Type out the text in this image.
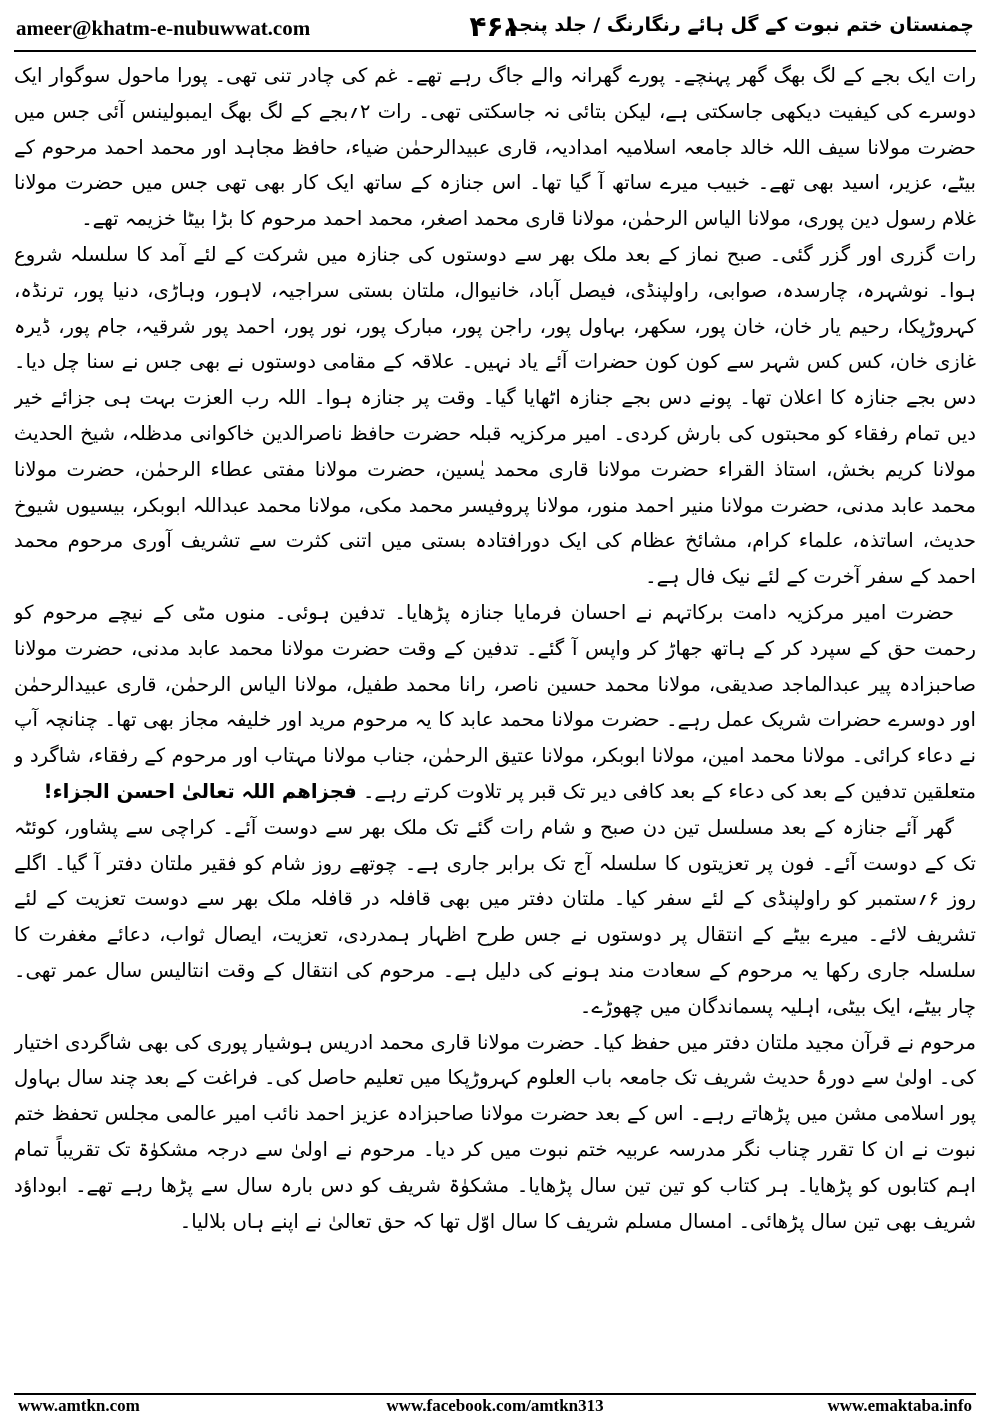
ameer@khatm-e-nubuwwat.com	۴۶۱
چمنستان ختم نبوت کے گل ہائے رنگارنگ / جلد پنجم

رات ایک بجے کے لگ بھگ گھر پہنچے۔ پورے گھرانہ والے جاگ رہے تھے۔ غم کی چادر تنی تھی۔ پورا ماحول سوگوار ایک دوسرے کی کیفیت دیکھی جاسکتی ہے، لیکن بتائی نہ جاسکتی تھی۔ رات ۲؍بجے کے لگ بھگ ایمبولینس آئی جس میں حضرت مولانا سیف اللہ خالد جامعہ اسلامیہ امدادیہ، قاری عبیدالرحمٰن ضیاء، حافظ مجاہد اور محمد احمد مرحوم کے بیٹے، عزیر، اسید بھی تھے۔ خبیب میرے ساتھ آ گیا تھا۔ اس جنازہ کے ساتھ ایک کار بھی تھی جس میں حضرت مولانا غلام رسول دین پوری، مولانا الیاس الرحمٰن، مولانا قاری محمد اصغر، محمد احمد مرحوم کا بڑا بیٹا خزیمہ تھے۔

رات گزری اور گزر گئی۔ صبح نماز کے بعد ملک بھر سے دوستوں کی جنازہ میں شرکت کے لئے آمد کا سلسلہ شروع ہوا۔ نوشہرہ، چارسدہ، صوابی، راولپنڈی، فیصل آباد، خانیوال، ملتان بستی سراجیہ، لاہور، وہاڑی، دنیا پور، ترنڈہ، کہروڑپکا، رحیم یار خان، خان پور، سکھر، بہاول پور، راجن پور، مبارک پور، نور پور، احمد پور شرقیہ، جام پور، ڈیرہ غازی خان، کس کس شہر سے کون کون حضرات آئے یاد نہیں۔ علاقہ کے مقامی دوستوں نے بھی جس نے سنا چل دیا۔ دس بجے جنازہ کا اعلان تھا۔ پونے دس بجے جنازہ اٹھایا گیا۔ وقت پر جنازہ ہوا۔ اللہ رب العزت بہت ہی جزائے خیر دیں تمام رفقاء کو محبتوں کی بارش کردی۔ امیر مرکزیہ قبلہ حضرت حافظ ناصرالدین خاکوانی مدظلہ، شیخ الحدیث مولانا کریم بخش، استاذ القراء حضرت مولانا قاری محمد یٰسین، حضرت مولانا مفتی عطاء الرحمٰن، حضرت مولانا محمد عابد مدنی، حضرت مولانا منیر احمد منور، مولانا پروفیسر محمد مکی، مولانا محمد عبداللہ ابوبکر، بیسیوں شیوخ حدیث، اساتذہ، علماء کرام، مشائخ عظام کی ایک دورافتادہ بستی میں اتنی کثرت سے تشریف آوری مرحوم محمد احمد کے سفر آخرت کے لئے نیک فال ہے۔

حضرت امیر مرکزیہ دامت برکاتہم نے احسان فرمایا جنازہ پڑھایا۔ تدفین ہوئی۔ منوں مٹی کے نیچے مرحوم کو رحمت حق کے سپرد کر کے ہاتھ جھاڑ کر واپس آ گئے۔ تدفین کے وقت حضرت مولانا محمد عابد مدنی، حضرت مولانا صاحبزادہ پیر عبدالماجد صدیقی، مولانا محمد حسین ناصر، رانا محمد طفیل، مولانا الیاس الرحمٰن، قاری عبیدالرحمٰن اور دوسرے حضرات شریک عمل رہے۔ حضرت مولانا محمد عابد کا یہ مرحوم مرید اور خلیفہ مجاز بھی تھا۔ چنانچہ آپ نے دعاء کرائی۔ مولانا محمد امین، مولانا ابوبکر، مولانا عتیق الرحمٰن، جناب مولانا مہتاب اور مرحوم کے رفقاء، شاگرد و متعلقین تدفین کے بعد کی دعاء کے بعد کافی دیر تک قبر پر تلاوت کرتے رہے۔ فجزاھم اللہ تعالیٰ احسن الجزاء!

گھر آئے جنازہ کے بعد مسلسل تین دن صبح و شام رات گئے تک ملک بھر سے دوست آئے۔ کراچی سے پشاور، کوئٹہ تک کے دوست آئے۔ فون پر تعزیتوں کا سلسلہ آج تک برابر جاری ہے۔ چوتھے روز شام کو فقیر ملتان دفتر آ گیا۔ اگلے روز ۶؍ستمبر کو راولپنڈی کے لئے سفر کیا۔ ملتان دفتر میں بھی قافلہ در قافلہ ملک بھر سے دوست تعزیت کے لئے تشریف لائے۔ میرے بیٹے کے انتقال پر دوستوں نے جس طرح اظہار ہمدردی، تعزیت، ایصال ثواب، دعائے مغفرت کا سلسلہ جاری رکھا یہ مرحوم کے سعادت مند ہونے کی دلیل ہے۔ مرحوم کی انتقال کے وقت انتالیس سال عمر تھی۔ چار بیٹے، ایک بیٹی، اہلیہ پسماندگان میں چھوڑے۔

مرحوم نے قرآن مجید ملتان دفتر میں حفظ کیا۔ حضرت مولانا قاری محمد ادریس ہوشیار پوری کی بھی شاگردی اختیار کی۔ اولیٰ سے دورۂ حدیث شریف تک جامعہ باب العلوم کہروڑپکا میں تعلیم حاصل کی۔ فراغت کے بعد چند سال بہاول پور اسلامی مشن میں پڑھاتے رہے۔ اس کے بعد حضرت مولانا صاحبزادہ عزیز احمد نائب امیر عالمی مجلس تحفظ ختم نبوت نے ان کا تقرر چناب نگر مدرسہ عربیہ ختم نبوت میں کر دیا۔ مرحوم نے اولیٰ سے درجہ مشکوٰۃ تک تقریباً تمام اہم کتابوں کو پڑھایا۔ ہر کتاب کو تین تین سال پڑھایا۔ مشکوٰۃ شریف کو دس بارہ سال سے پڑھا رہے تھے۔ ابوداؤد شریف بھی تین سال پڑھائی۔ امسال مسلم شریف کا سال اوّل تھا کہ حق تعالیٰ نے اپنے ہاں بلالیا۔

www.amtkn.com	www.facebook.com/amtkn313	www.emaktaba.info
